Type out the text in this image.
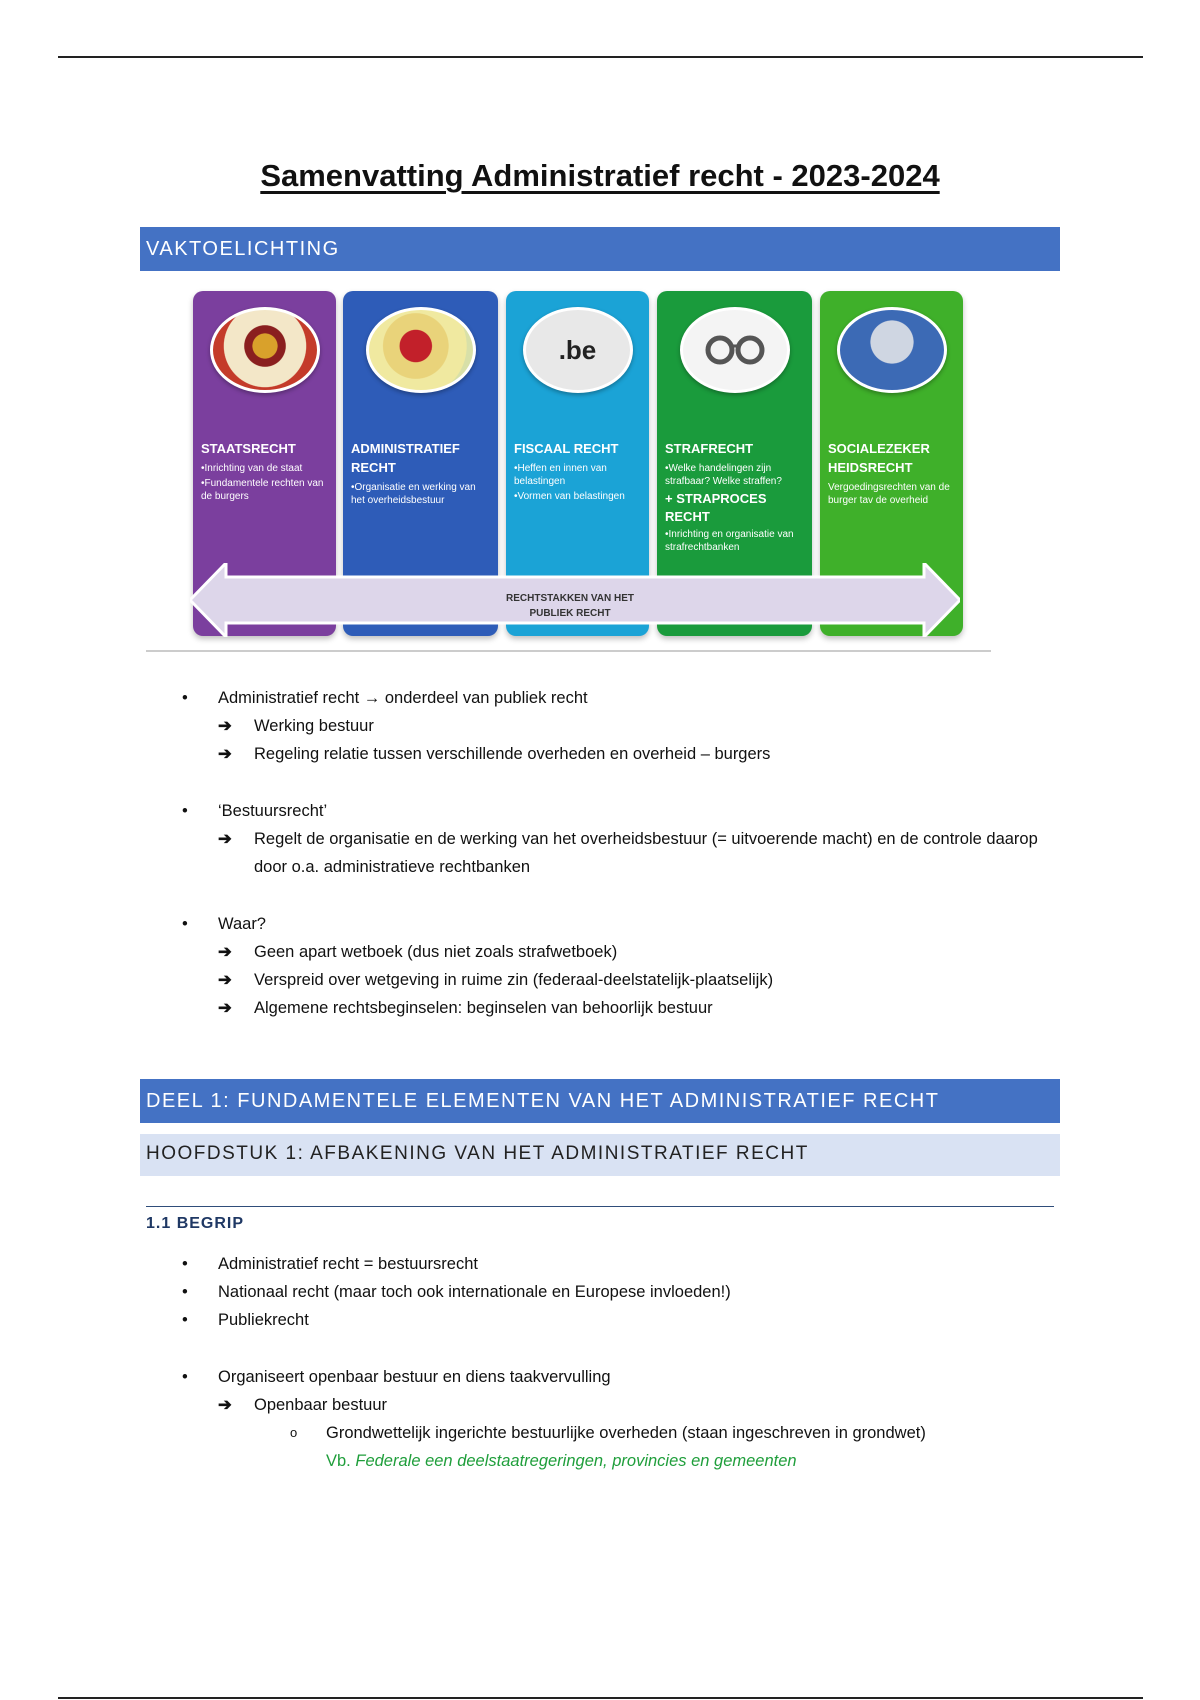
Samenvatting Administratief recht - 2023-2024
VAKTOELICHTING
STAATSRECHT
•Inrichting van de staat
•Fundamentele rechten van de burgers
ADMINISTRATIEF RECHT
•Organisatie en werking van het overheidsbestuur
.be
FISCAAL RECHT
•Heffen en innen van belastingen
•Vormen van belastingen
STRAFRECHT
•Welke handelingen zijn strafbaar? Welke straffen?
+ STRAPROCES RECHT
•Inrichting en organisatie van strafrechtbanken
SOCIALEZEKER HEIDSRECHT
Vergoedingsrechten van de burger tav de overheid
RECHTSTAKKEN VAN HET
PUBLIEK RECHT
• Administratief recht → onderdeel van publiek recht
➔ Werking bestuur
➔ Regeling relatie tussen verschillende overheden en overheid – burgers
• ‘Bestuursrecht’
➔ Regelt de organisatie en de werking van het overheidsbestuur (= uitvoerende macht) en de controle daarop door o.a. administratieve rechtbanken
• Waar?
➔ Geen apart wetboek (dus niet zoals strafwetboek)
➔ Verspreid over wetgeving in ruime zin (federaal-deelstatelijk-plaatselijk)
➔ Algemene rechtsbeginselen: beginselen van behoorlijk bestuur
DEEL 1: FUNDAMENTELE ELEMENTEN VAN HET ADMINISTRATIEF RECHT
HOOFDSTUK 1: AFBAKENING VAN HET ADMINISTRATIEF RECHT
1.1 BEGRIP
• Administratief recht = bestuursrecht
• Nationaal recht (maar toch ook internationale en Europese invloeden!)
• Publiekrecht
• Organiseert openbaar bestuur en diens taakvervulling
➔ Openbaar bestuur
o Grondwettelijk ingerichte bestuurlijke overheden (staan ingeschreven in grondwet)
Vb. Federale een deelstaatregeringen, provincies en gemeenten
